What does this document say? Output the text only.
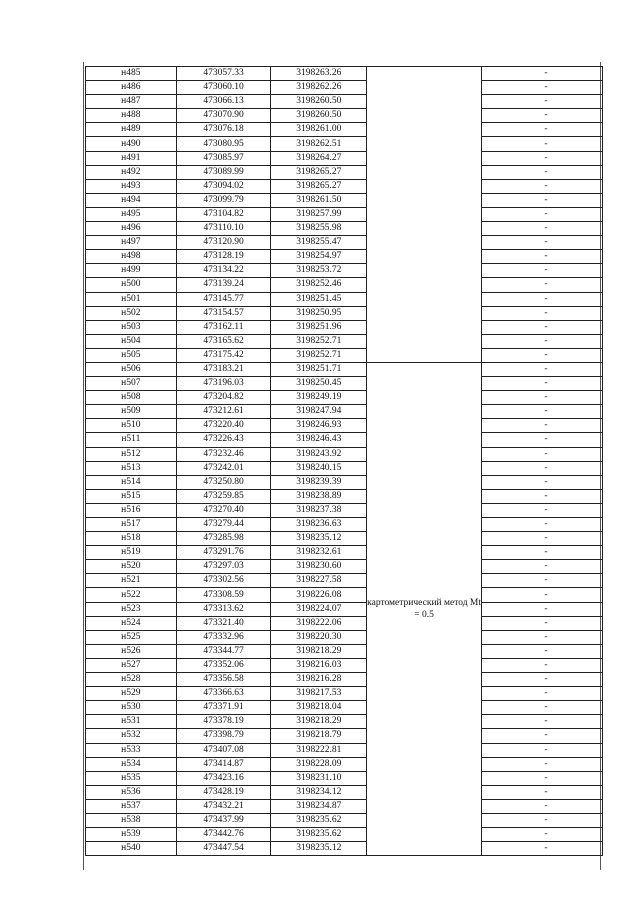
н485	473057.33	3198263.26		-
н486	473060.10	3198262.26		-
н487	473066.13	3198260.50		-
н488	473070.90	3198260.50		-
н489	473076.18	3198261.00		-
н490	473080.95	3198262.51		-
н491	473085.97	3198264.27		-
н492	473089.99	3198265.27		-
н493	473094.02	3198265.27		-
н494	473099.79	3198261.50		-
н495	473104.82	3198257.99		-
н496	473110.10	3198255.98		-
н497	473120.90	3198255.47		-
н498	473128.19	3198254.97		-
н499	473134.22	3198253.72		-
н500	473139.24	3198252.46		-
н501	473145.77	3198251.45		-
н502	473154.57	3198250.95		-
н503	473162.11	3198251.96		-
н504	473165.62	3198252.71		-
н505	473175.42	3198252.71		-
н506	473183.21	3198251.71	картометрический метод Mt = 0.5	-
н507	473196.03	3198250.45		-
н508	473204.82	3198249.19		-
н509	473212.61	3198247.94		-
н510	473220.40	3198246.93		-
н511	473226.43	3198246.43		-
н512	473232.46	3198243.92		-
н513	473242.01	3198240.15		-
н514	473250.80	3198239.39		-
н515	473259.85	3198238.89		-
н516	473270.40	3198237.38		-
н517	473279.44	3198236.63		-
н518	473285.98	3198235.12		-
н519	473291.76	3198232.61		-
н520	473297.03	3198230.60		-
н521	473302.56	3198227.58		-
н522	473308.59	3198226.08		-
н523	473313.62	3198224.07		-
н524	473321.40	3198222.06		-
н525	473332.96	3198220.30		-
н526	473344.77	3198218.29		-
н527	473352.06	3198216.03		-
н528	473356.58	3198216.28		-
н529	473366.63	3198217.53		-
н530	473371.91	3198218.04		-
н531	473378.19	3198218.29		-
н532	473398.79	3198218.79		-
н533	473407.08	3198222.81		-
н534	473414.87	3198228.09		-
н535	473423.16	3198231.10		-
н536	473428.19	3198234.12		-
н537	473432.21	3198234.87		-
н538	473437.99	3198235.62		-
н539	473442.76	3198235.62		-
н540	473447.54	3198235.12		-
